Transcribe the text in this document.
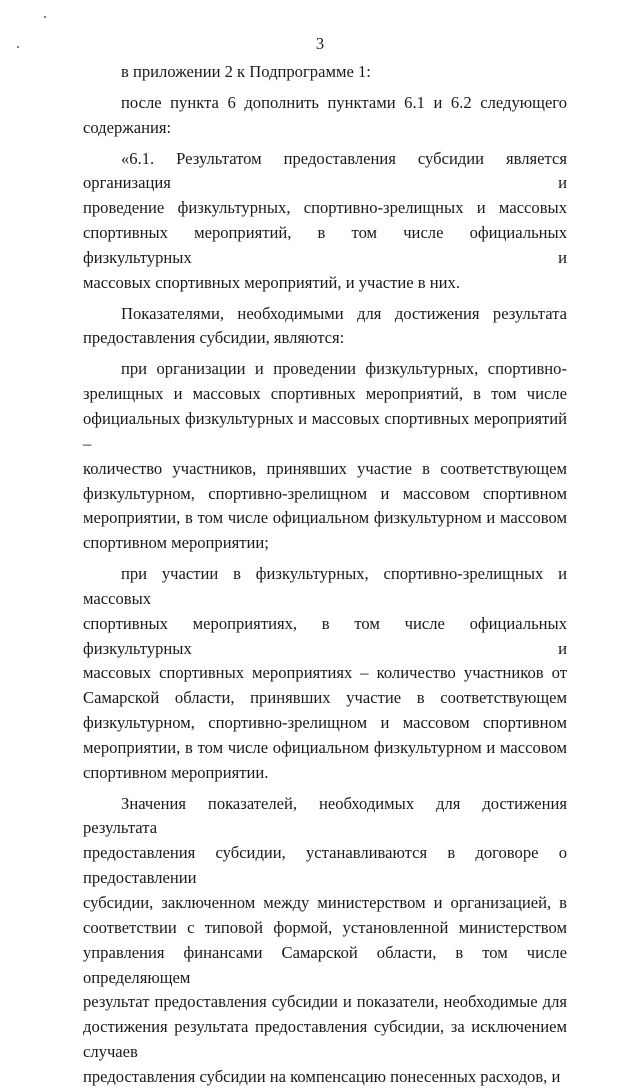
3
в приложении 2 к Подпрограмме 1:
после пункта 6 дополнить пунктами 6.1 и 6.2 следующего
содержания:
«6.1. Результатом предоставления субсидии является организация и
проведение физкультурных, спортивно-зрелищных и массовых
спортивных мероприятий, в том числе официальных физкультурных и
массовых спортивных мероприятий, и участие в них.
Показателями, необходимыми для достижения результата
предоставления субсидии, являются:
при организации и проведении физкультурных, спортивно-
зрелищных и массовых спортивных мероприятий, в том числе
официальных физкультурных и массовых спортивных мероприятий –
количество участников, принявших участие в соответствующем
физкультурном, спортивно-зрелищном и массовом спортивном
мероприятии, в том числе официальном физкультурном и массовом
спортивном мероприятии;
при участии в физкультурных, спортивно-зрелищных и массовых
спортивных мероприятиях, в том числе официальных физкультурных и
массовых спортивных мероприятиях – количество участников от
Самарской области, принявших участие в соответствующем
физкультурном, спортивно-зрелищном и массовом спортивном
мероприятии, в том числе официальном физкультурном и массовом
спортивном мероприятии.
Значения показателей, необходимых для достижения результата
предоставления субсидии, устанавливаются в договоре о предоставлении
субсидии, заключенном между министерством и организацией, в
соответствии с типовой формой, установленной министерством
управления финансами Самарской области, в том числе определяющем
результат предоставления субсидии и показатели, необходимые для
достижения результата предоставления субсидии, за исключением случаев
предоставления субсидии на компенсацию понесенных расходов, и
